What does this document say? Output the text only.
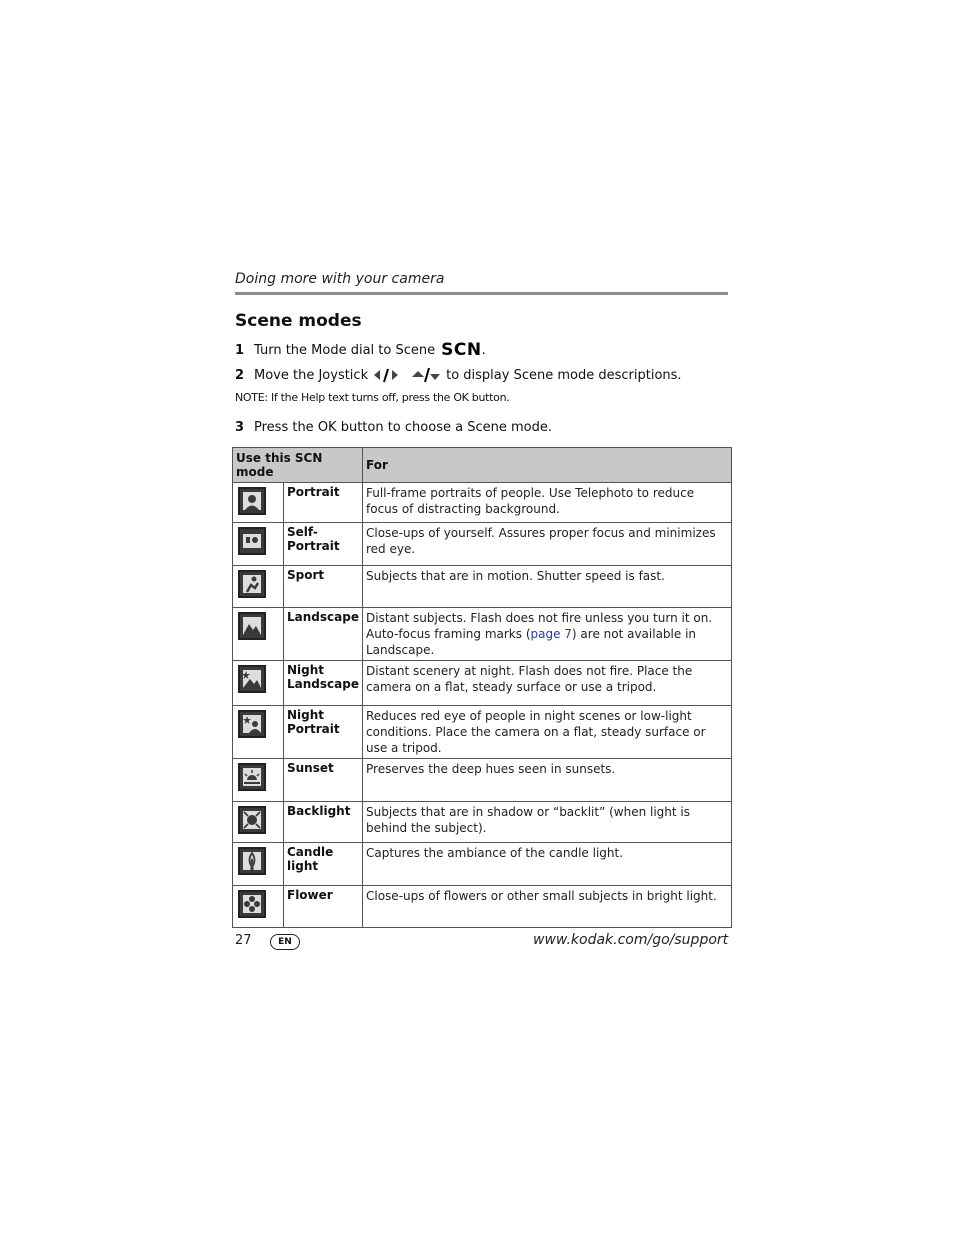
Doing more with your camera
Scene modes
1 Turn the Mode dial to Scene SCN .
2 Move the Joystick	to display Scene mode descriptions.
NOTE: If the Help text turns off, press the OK button.
3 Press the OK button to choose a Scene mode.
Use this SCN mode		For

	Portrait	Full-frame portraits of people. Use Telephoto to reduce focus of distracting background.

	Self-
Portrait	Close-ups of yourself. Assures proper focus and minimizes red eye.

	Sport	Subjects that are in motion. Shutter speed is fast.

	Landscape	Distant subjects. Flash does not fire unless you turn it on. Auto-focus framing marks (page 7) are not available in Landscape.

	Night
Landscape	Distant scenery at night. Flash does not fire. Place the camera on a flat, steady surface or use a tripod.

	Night
Portrait	Reduces red eye of people in night scenes or low-light conditions. Place the camera on a flat, steady surface or use a tripod.

	Sunset	Preserves the deep hues seen in sunsets.

	Backlight	Subjects that are in shadow or “backlit” (when light is behind the subject).

	Candle light	Captures the ambiance of the candle light.

	Flower	Close-ups of flowers or other small subjects in bright light.
27	EN	www.kodak.com/go/support
